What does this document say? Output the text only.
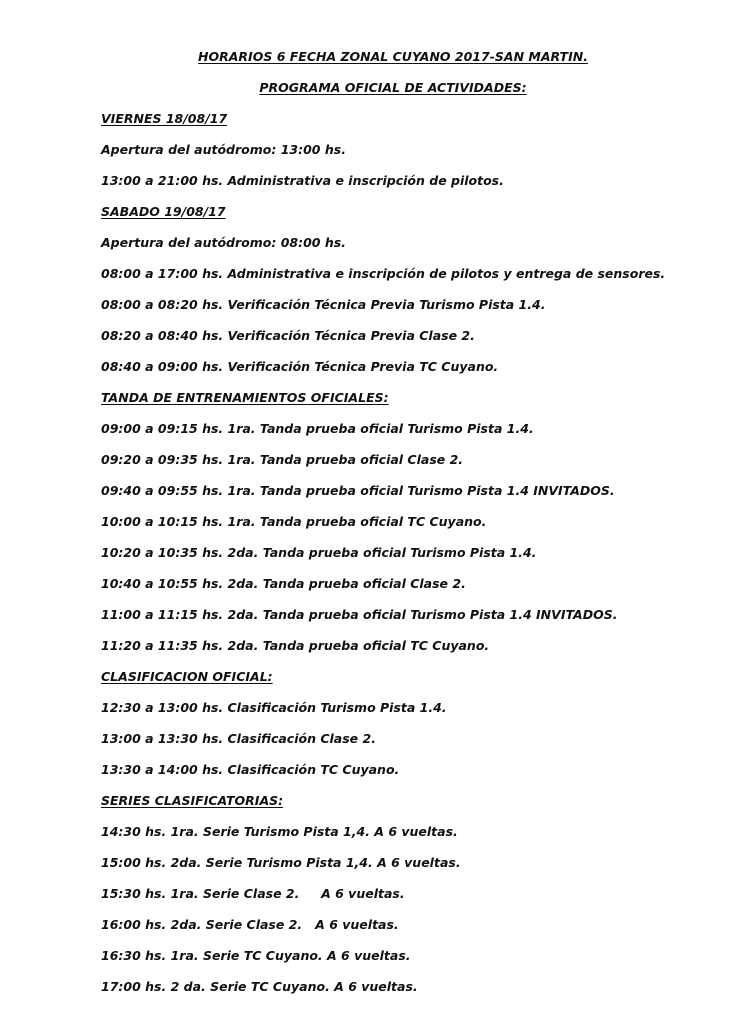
HORARIOS 6 FECHA ZONAL CUYANO 2017-SAN MARTIN.
PROGRAMA OFICIAL DE ACTIVIDADES:
VIERNES 18/08/17
Apertura del autódromo: 13:00 hs.
13:00 a 21:00 hs. Administrativa e inscripción de pilotos.
SABADO 19/08/17
Apertura del autódromo: 08:00 hs.
08:00 a 17:00 hs. Administrativa e inscripción de pilotos y entrega de sensores.
08:00 a 08:20 hs. Verificación Técnica Previa Turismo Pista 1.4.
08:20 a 08:40 hs. Verificación Técnica Previa Clase 2.
08:40 a 09:00 hs. Verificación Técnica Previa TC Cuyano.
TANDA DE ENTRENAMIENTOS OFICIALES:
09:00 a 09:15 hs. 1ra. Tanda prueba oficial Turismo Pista 1.4.
09:20 a 09:35 hs. 1ra. Tanda prueba oficial Clase 2.
09:40 a 09:55 hs. 1ra. Tanda prueba oficial Turismo Pista 1.4 INVITADOS.
10:00 a 10:15 hs. 1ra. Tanda prueba oficial TC Cuyano.
10:20 a 10:35 hs. 2da. Tanda prueba oficial Turismo Pista 1.4.
10:40 a 10:55 hs. 2da. Tanda prueba oficial Clase 2.
11:00 a 11:15 hs. 2da. Tanda prueba oficial Turismo Pista 1.4 INVITADOS.
11:20 a 11:35 hs. 2da. Tanda prueba oficial TC Cuyano.
CLASIFICACION OFICIAL:
12:30 a 13:00 hs. Clasificación Turismo Pista 1.4.
13:00 a 13:30 hs. Clasificación Clase 2.
13:30 a 14:00 hs. Clasificación TC Cuyano.
SERIES CLASIFICATORIAS:
14:30 hs. 1ra. Serie Turismo Pista 1,4. A 6 vueltas.
15:00 hs. 2da. Serie Turismo Pista 1,4. A 6 vueltas.
15:30 hs. 1ra. Serie Clase 2.     A 6 vueltas.
16:00 hs. 2da. Serie Clase 2.   A 6 vueltas.
16:30 hs. 1ra. Serie TC Cuyano. A 6 vueltas.
17:00 hs. 2 da. Serie TC Cuyano. A 6 vueltas.
